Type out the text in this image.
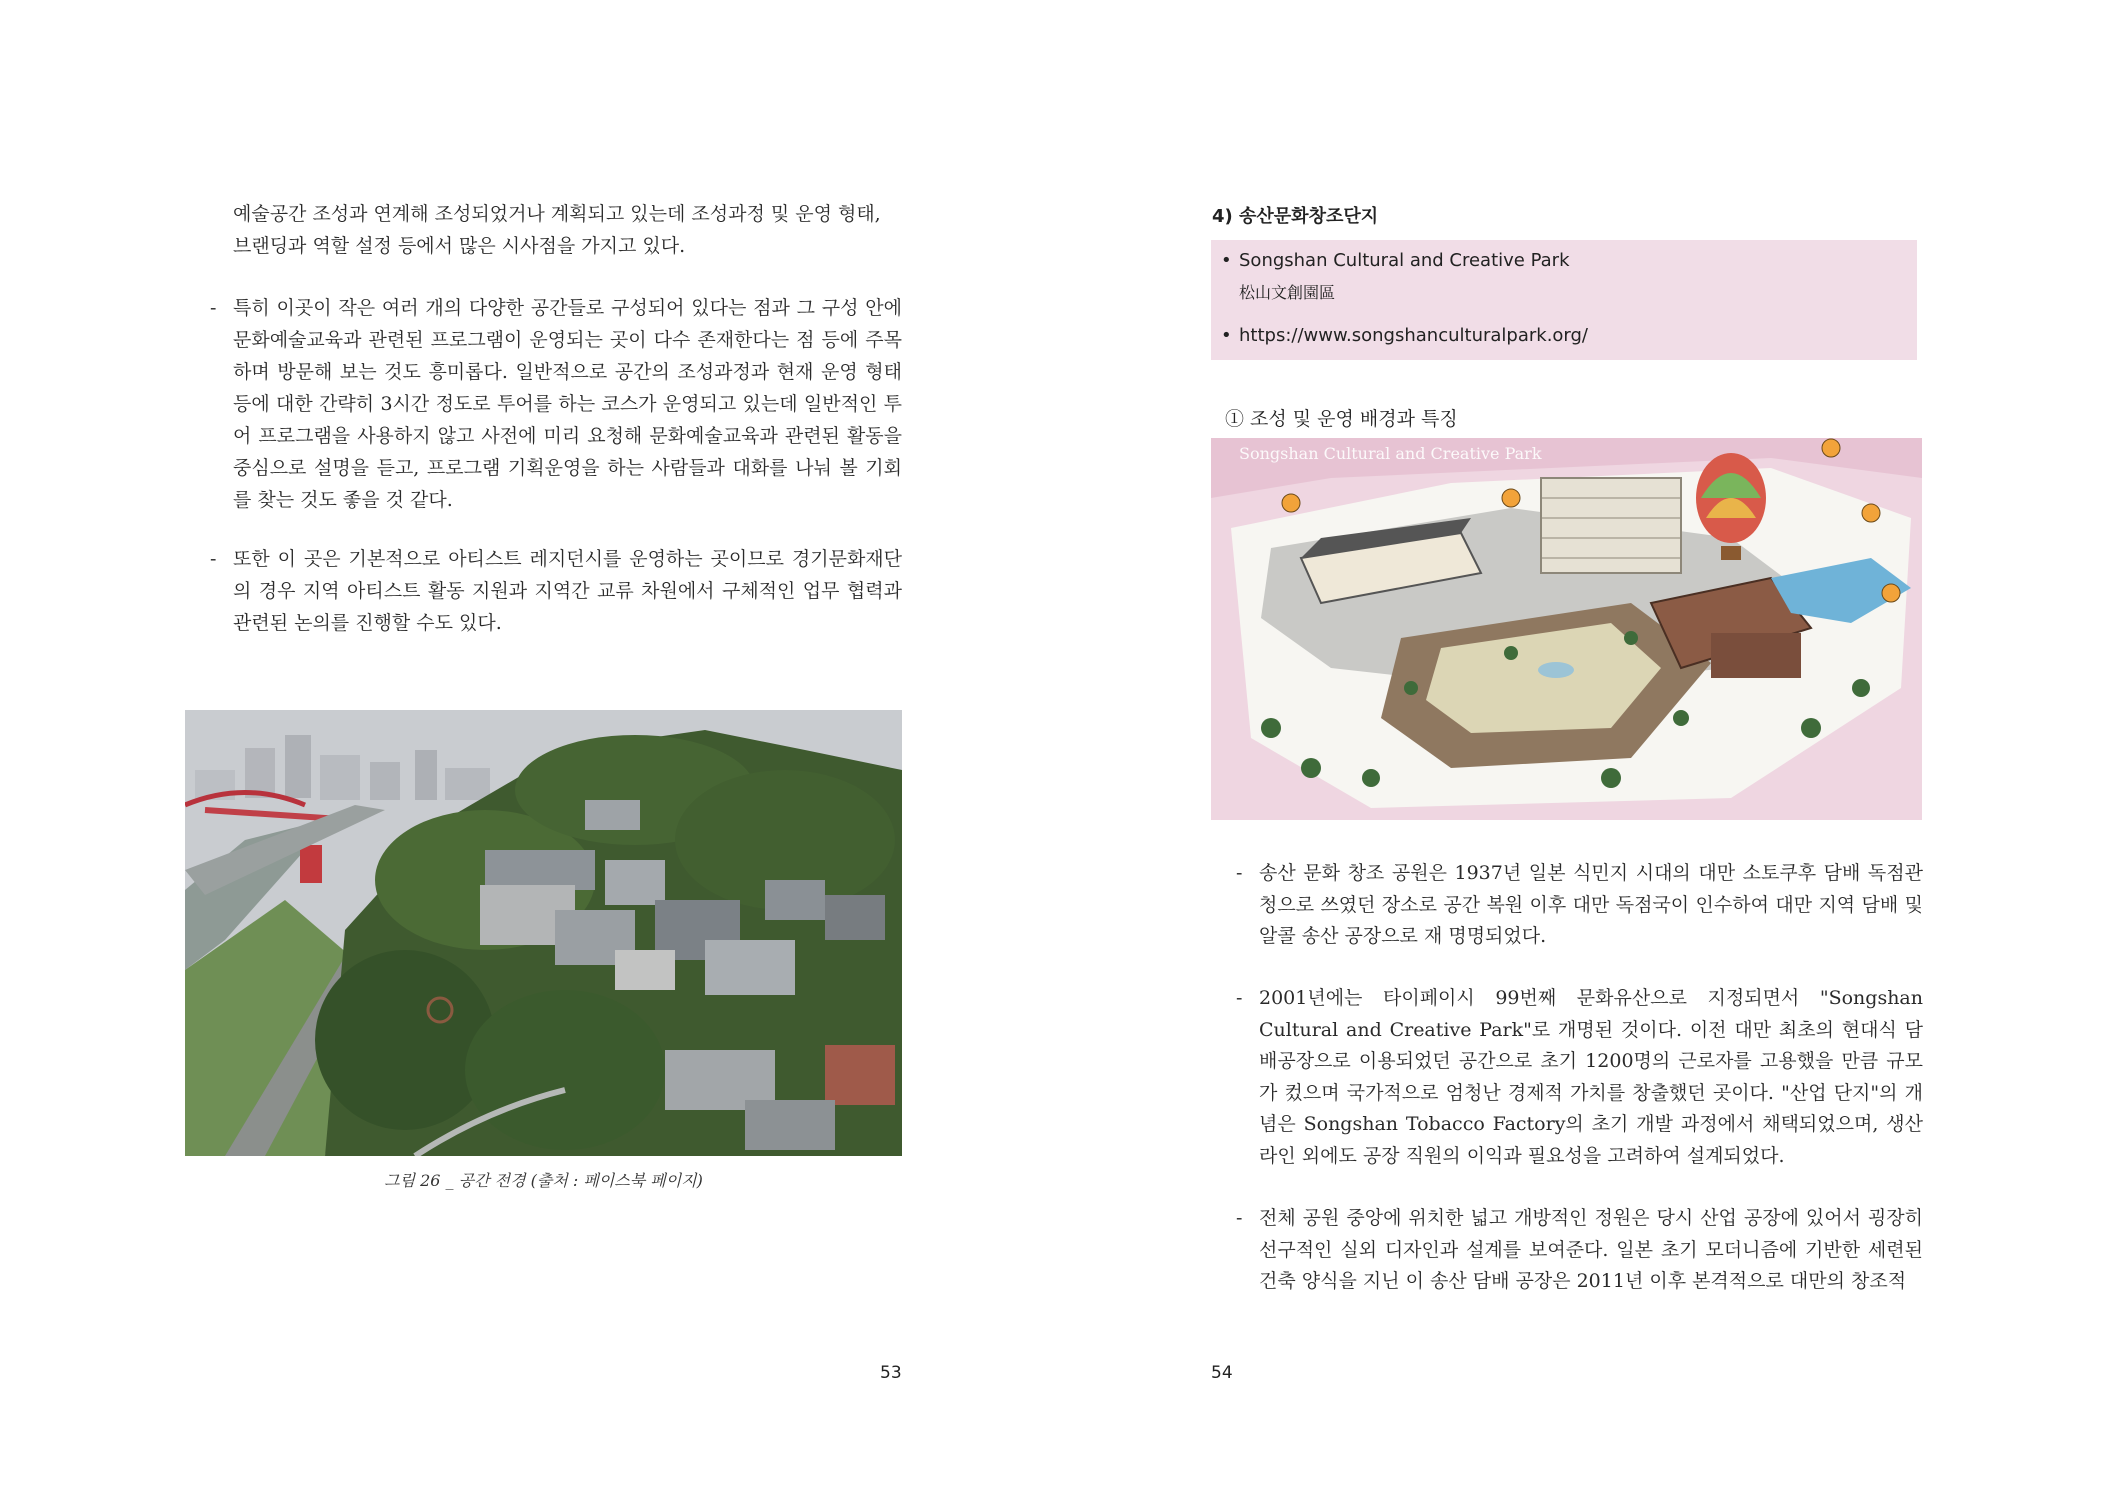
예술공간 조성과 연계해 조성되었거나 계획되고 있는데 조성과정 및 운영 형태,

브랜딩과 역할 설정 등에서 많은 시사점을 가지고 있다.

- 특히 이곳이 작은 여러 개의 다양한 공간들로 구성되어 있다는 점과 그 구성 안에 문화예술교육과 관련된 프로그램이 운영되는 곳이 다수 존재한다는 점 등에 주목하며 방문해 보는 것도 흥미롭다. 일반적으로 공간의 조성과정과 현재 운영 형태 등에 대한 간략히 3시간 정도로 투어를 하는 코스가 운영되고 있는데 일반적인 투어 프로그램을 사용하지 않고 사전에 미리 요청해 문화예술교육과 관련된 활동을 중심으로 설명을 듣고, 프로그램 기획운영을 하는 사람들과 대화를 나눠 볼 기회를 찾는 것도 좋을 것 같다.
- 또한 이 곳은 기본적으로 아티스트 레지던시를 운영하는 곳이므로 경기문화재단의 경우 지역 아티스트 활동 지원과 지역간 교류 차원에서 구체적인 업무 협력과 관련된 논의를 진행할 수도 있다.
그림 26 _ 공간 전경 (출처 : 페이스북 페이지)
53
4) 송산문화창조단지
• Songshan Cultural and Creative Park
松山文創園區
• https://www.songshanculturalpark.org/
① 조성 및 운영 배경과 특징
Songshan Cultural and Creative Park
- 송산 문화 창조 공원은 1937년 일본 식민지 시대의 대만 소토쿠후 담배 독점관청으로 쓰였던 장소로 공간 복원 이후 대만 독점국이 인수하여 대만 지역 담배 및 알콜 송산 공장으로 재 명명되었다.
- 2001년에는 타이페이시 99번째 문화유산으로 지정되면서 "Songshan Cultural and Creative Park"로 개명된 것이다. 이전 대만 최초의 현대식 담배공장으로 이용되었던 공간으로 초기 1200명의 근로자를 고용했을 만큼 규모가 컸으며 국가적으로 엄청난 경제적 가치를 창출했던 곳이다. "산업 단지"의 개념은 Songshan Tobacco Factory의 초기 개발 과정에서 채택되었으며, 생산 라인 외에도 공장 직원의 이익과 필요성을 고려하여 설계되었다.
- 전체 공원 중앙에 위치한 넓고 개방적인 정원은 당시 산업 공장에 있어서 굉장히 선구적인 실외 디자인과 설계를 보여준다. 일본 초기 모더니즘에 기반한 세련된 건축 양식을 지닌 이 송산 담배 공장은 2011년 이후 본격적으로 대만의 창조적
54
